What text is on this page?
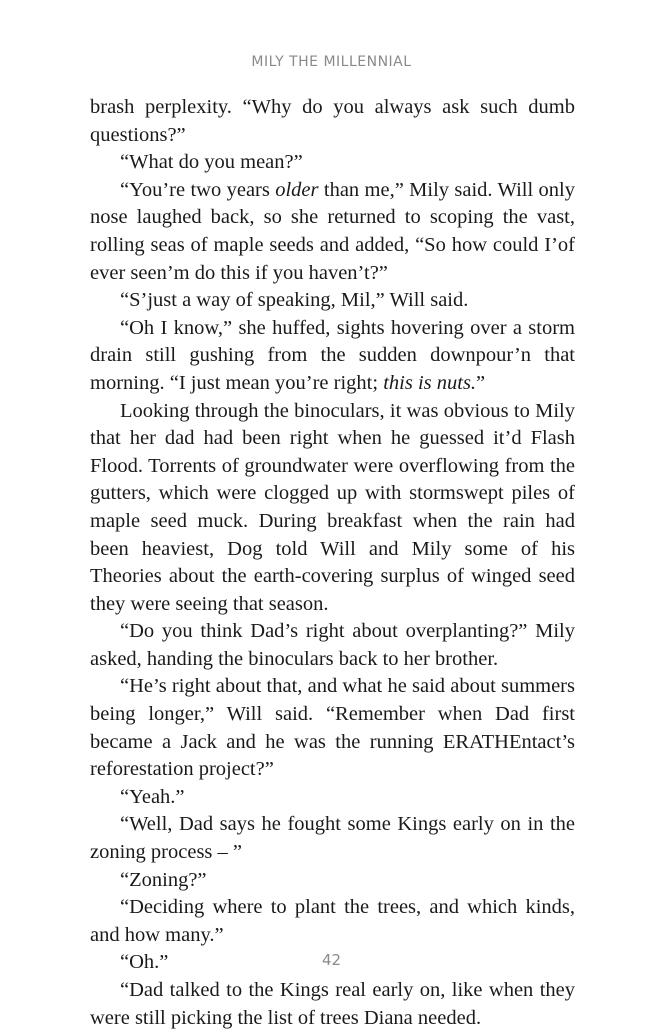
MILY THE MILLENNIAL

brash perplexity. “Why do you always ask such dumb questions?”

“What do you mean?”

“You’re two years older than me,” Mily said. Will only nose laughed back, so she returned to scoping the vast, rolling seas of maple seeds and added, “So how could I’of ever seen’m do this if you haven’t?”

“S’just a way of speaking, Mil,” Will said.

“Oh I know,” she huffed, sights hovering over a storm drain still gushing from the sudden downpour’n that morning. “I just mean you’re right; this is nuts.”

Looking through the binoculars, it was obvious to Mily that her dad had been right when he guessed it’d Flash Flood. Torrents of groundwater were overflowing from the gutters, which were clogged up with stormswept piles of maple seed muck. During breakfast when the rain had been heaviest, Dog told Will and Mily some of his Theories about the earth-covering surplus of winged seed they were seeing that season.

“Do you think Dad’s right about overplanting?” Mily asked, handing the binoculars back to her brother.

“He’s right about that, and what he said about summers being longer,” Will said. “Remember when Dad first became a Jack and he was the running ERATHEntact’s reforestation project?”

“Yeah.”

“Well, Dad says he fought some Kings early on in the zoning process – ”

“Zoning?”

“Deciding where to plant the trees, and which kinds, and how many.”

“Oh.”

“Dad talked to the Kings real early on, like when they were still picking the list of trees Diana needed.

42
